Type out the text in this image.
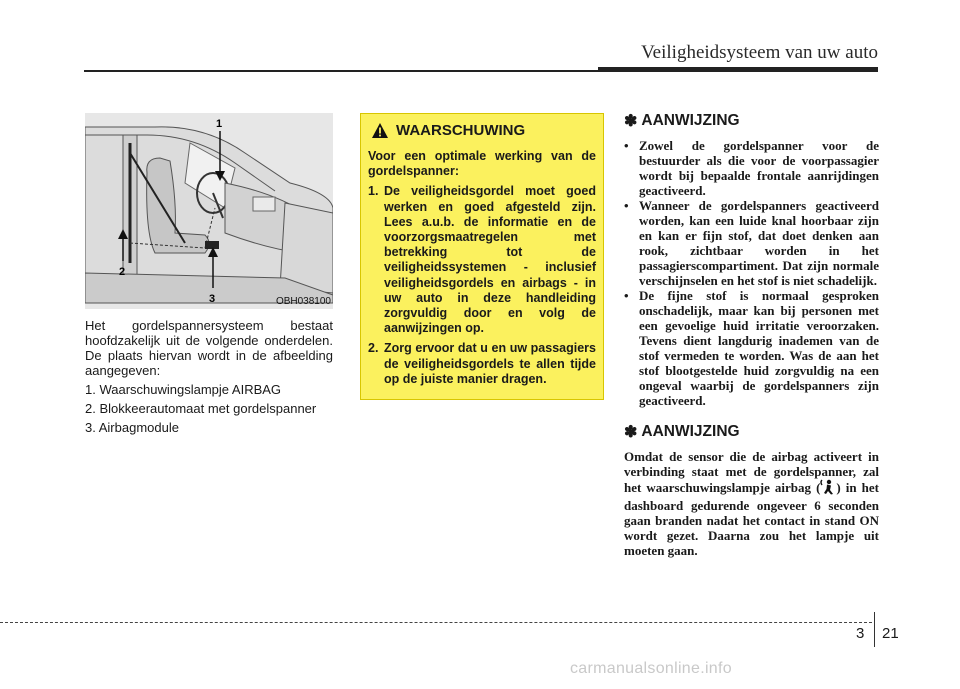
Veiligheidsysteem van uw auto
1
2
3	OBH038100

Het gordelspannersysteem bestaat hoofdzakelijk uit de volgende onderdelen. De plaats hiervan wordt in de afbeelding aangegeven:

1. Waarschuwingslampje AIRBAG

2. Blokkeerautomaat met gordelspanner

3. Airbagmodule

WAARSCHUWING

Voor een optimale werking van de gordelspanner:

1. De veiligheidsgordel moet goed werken en goed afgesteld zijn. Lees a.u.b. de informatie en de voorzorgsmaatregelen met betrekking tot de veiligheidssystemen - inclusief veiligheidsgordels en airbags - in uw auto in deze handleiding zorgvuldig door en volg de aanwijzingen op.
2. Zorg ervoor dat u en uw passagiers de veiligheidsgordels te allen tijde op de juiste manier dragen.
✽ AANWIJZING
• Zowel de gordelspanner voor de bestuurder als die voor de voorpassagier wordt bij bepaalde frontale aanrijdingen geactiveerd.
• Wanneer de gordelspanners geactiveerd worden, kan een luide knal hoorbaar zijn en kan er fijn stof, dat doet denken aan rook, zichtbaar worden in het passagierscompartiment. Dat zijn normale verschijnselen en het stof is niet schadelijk.
• De fijne stof is normaal gesproken onschadelijk, maar kan bij personen met een gevoelige huid irritatie veroorzaken. Tevens dient langdurig inademen van de stof vermeden te worden. Was de aan het stof blootgestelde huid zorgvuldig na een ongeval waarbij de gordelspanners zijn geactiveerd.
✽ AANWIJZING

Omdat de sensor die de airbag activeert in verbinding staat met de gordelspanner, zal het waarschuwingslampje airbag ( ) in het dashboard gedurende ongeveer 6 seconden gaan branden nadat het contact in stand ON wordt gezet. Daarna zou het lampje uit moeten gaan.

3 21
carmanualsonline.info
